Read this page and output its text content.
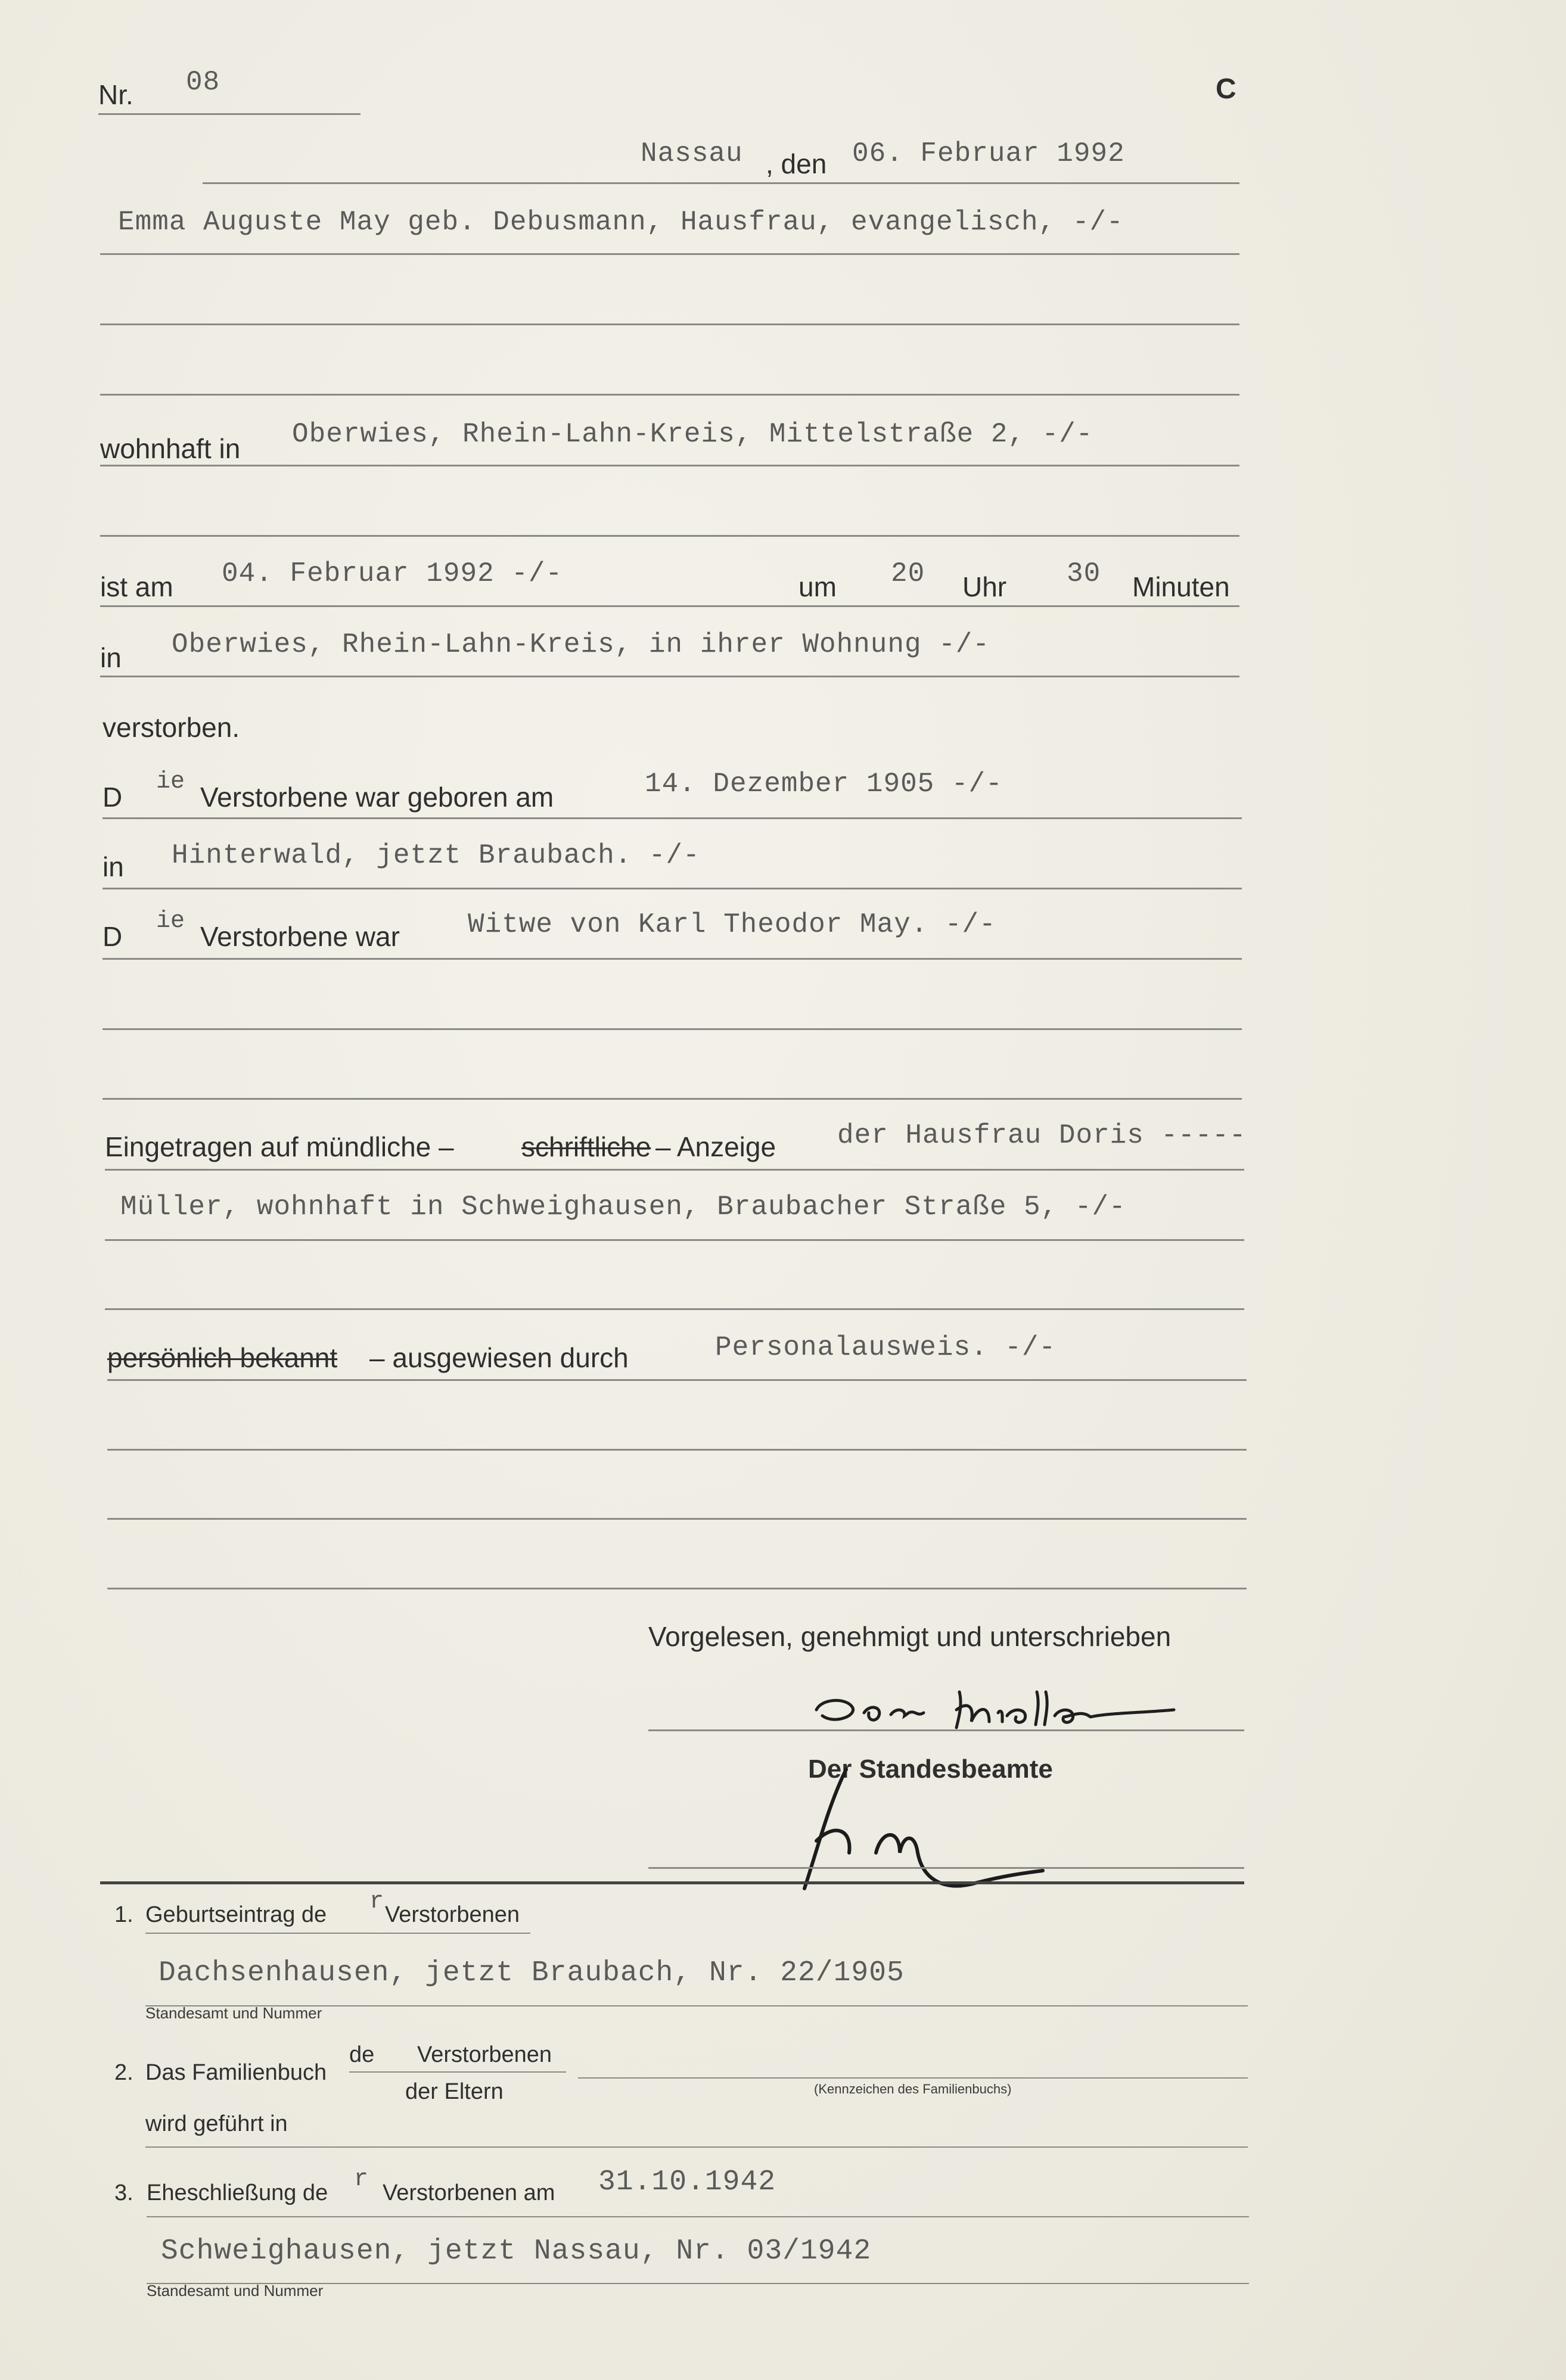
Nr. 08	C
Nassau , den 06. Februar 1992
Emma Auguste May geb. Debusmann, Hausfrau, evangelisch, -/-
wohnhaft in Oberwies, Rhein-Lahn-Kreis, Mittelstraße 2, -/-
ist am 04. Februar 1992 -/-	um 20 Uhr 30 Minuten
in Oberwies, Rhein-Lahn-Kreis, in ihrer Wohnung -/-
verstorben.
D ie Verstorbene war geboren am	14. Dezember 1905 -/-
in Hinterwald, jetzt Braubach. -/-
D ie Verstorbene war Witwe von Karl Theodor May. -/-
Eingetragen auf mündliche – schriftliche – Anzeige der Hausfrau Doris -----
Müller, wohnhaft in Schweighausen, Braubacher Straße 5, -/-
persönlich bekannt – ausgewiesen durch	Personalausweis. -/-
Vorgelesen, genehmigt und unterschrieben
Der Standesbeamte
1. Geburtseintrag de r Verstorbenen
Dachsenhausen, jetzt Braubach, Nr. 22/1905
Standesamt und Nummer
2. Das Familienbuch
de Verstorbenen
der Eltern	(Kennzeichen des Familienbuchs)
wird geführt in
3. Eheschließung de r Verstorbenen am 31.10.1942
Schweighausen, jetzt Nassau, Nr. 03/1942
Standesamt und Nummer
